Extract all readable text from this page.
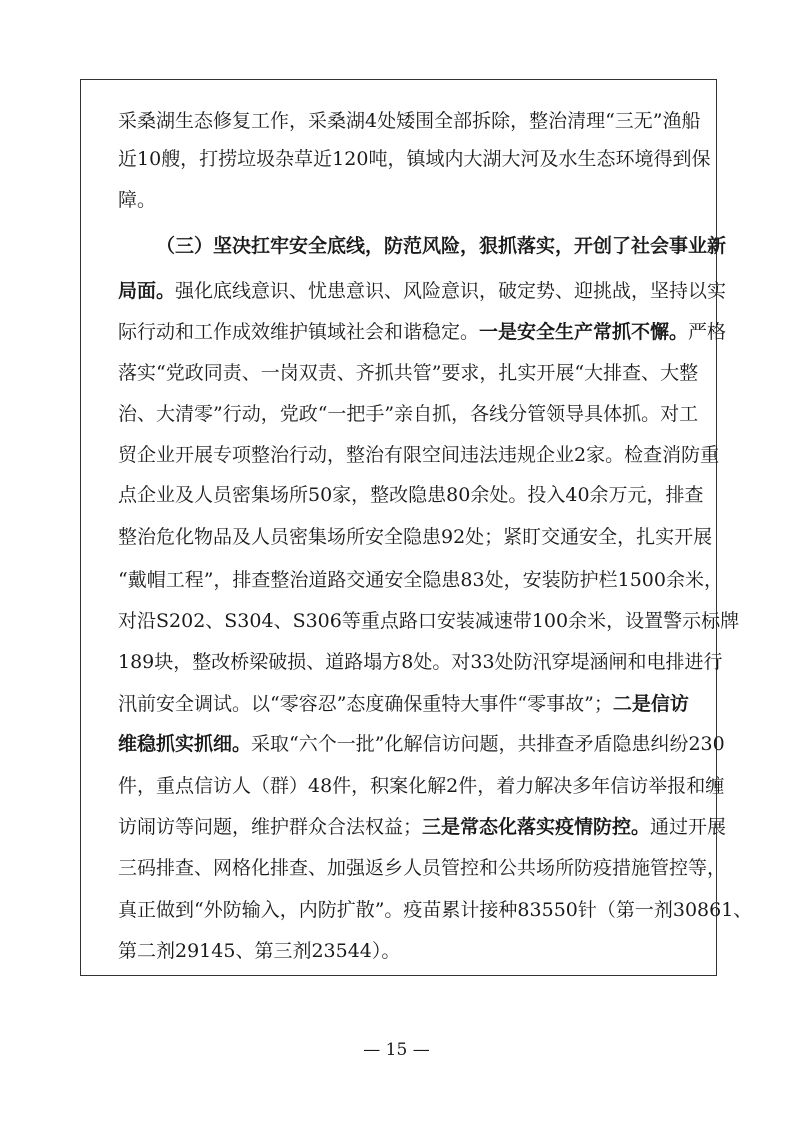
采桑湖生态修复工作，采桑湖4处矮围全部拆除，整治清理“三无”渔船
近10艘，打捞垃圾杂草近120吨，镇域内大湖大河及水生态环境得到保
障。
（三）坚决扛牢安全底线，防范风险，狠抓落实，开创了社会事业新
局面。强化底线意识、忧患意识、风险意识，破定势、迎挑战，坚持以实
际行动和工作成效维护镇域社会和谐稳定。一是安全生产常抓不懈。严格
落实“党政同责、一岗双责、齐抓共管”要求，扎实开展“大排查、大整
治、大清零”行动，党政“一把手”亲自抓，各线分管领导具体抓。对工
贸企业开展专项整治行动，整治有限空间违法违规企业2家。检查消防重
点企业及人员密集场所50家，整改隐患80余处。投入40余万元，排查
整治危化物品及人员密集场所安全隐患92处；紧盯交通安全，扎实开展
“戴帽工程”，排查整治道路交通安全隐患83处，安装防护栏1500余米，
对沿S202、S304、S306等重点路口安装减速带100余米，设置警示标牌
189块，整改桥梁破损、道路塌方8处。对33处防汛穿堤涵闸和电排进行
汛前安全调试。以“零容忍”态度确保重特大事件“零事故”；二是信访
维稳抓实抓细。采取“六个一批”化解信访问题，共排查矛盾隐患纠纷230
件，重点信访人（群）48件，积案化解2件，着力解决多年信访举报和缠
访闹访等问题，维护群众合法权益；三是常态化落实疫情防控。通过开展
三码排查、网格化排查、加强返乡人员管控和公共场所防疫措施管控等，
真正做到“外防输入，内防扩散”。疫苗累计接种83550针（第一剂30861、
第二剂29145、第三剂23544）。
— 15 —
